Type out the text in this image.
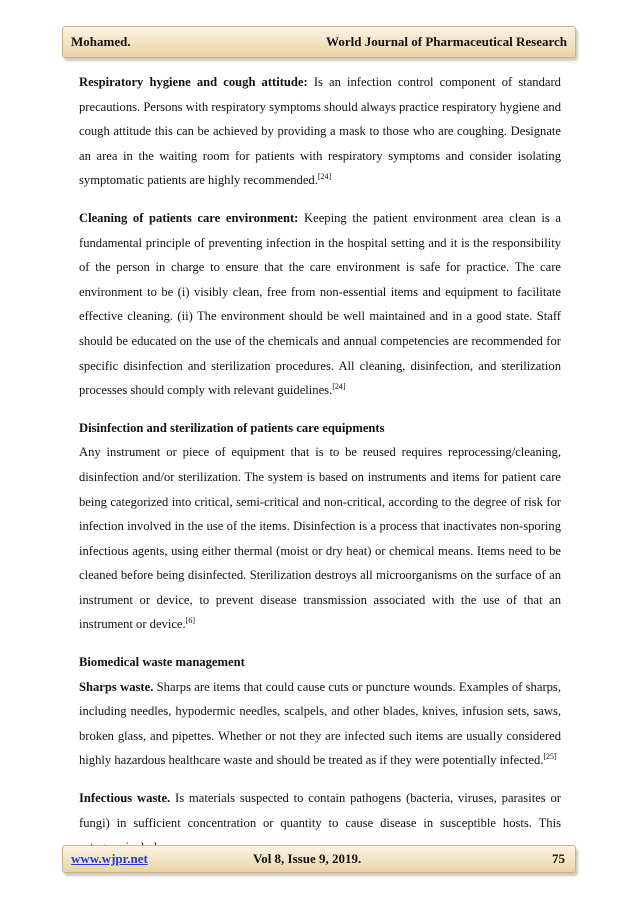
Mohamed.	World Journal of Pharmaceutical Research

Respiratory hygiene and cough attitude: Is an infection control component of standard precautions. Persons with respiratory symptoms should always practice respiratory hygiene and cough attitude this can be achieved by providing a mask to those who are coughing. Designate an area in the waiting room for patients with respiratory symptoms and consider isolating symptomatic patients are highly recommended.[24]

Cleaning of patients care environment: Keeping the patient environment area clean is a fundamental principle of preventing infection in the hospital setting and it is the responsibility of the person in charge to ensure that the care environment is safe for practice. The care environment to be (i) visibly clean, free from non-essential items and equipment to facilitate effective cleaning. (ii) The environment should be well maintained and in a good state. Staff should be educated on the use of the chemicals and annual competencies are recommended for specific disinfection and sterilization procedures. All cleaning, disinfection, and sterilization processes should comply with relevant guidelines.[24]

Disinfection and sterilization of patients care equipments

Any instrument or piece of equipment that is to be reused requires reprocessing/cleaning, disinfection and/or sterilization. The system is based on instruments and items for patient care being categorized into critical, semi-critical and non-critical, according to the degree of risk for infection involved in the use of the items. Disinfection is a process that inactivates non-sporing infectious agents, using either thermal (moist or dry heat) or chemical means. Items need to be cleaned before being disinfected. Sterilization destroys all microorganisms on the surface of an instrument or device, to prevent disease transmission associated with the use of that an instrument or device.[6]

Biomedical waste management

Sharps waste. Sharps are items that could cause cuts or puncture wounds. Examples of sharps, including needles, hypodermic needles, scalpels, and other blades, knives, infusion sets, saws, broken glass, and pipettes. Whether or not they are infected such items are usually considered highly hazardous healthcare waste and should be treated as if they were potentially infected.[25]

Infectious waste. Is materials suspected to contain pathogens (bacteria, viruses, parasites or fungi) in sufficient concentration or quantity to cause disease in susceptible hosts. This

www.wjpr.net	Vol 8, Issue 9, 2019.	75
